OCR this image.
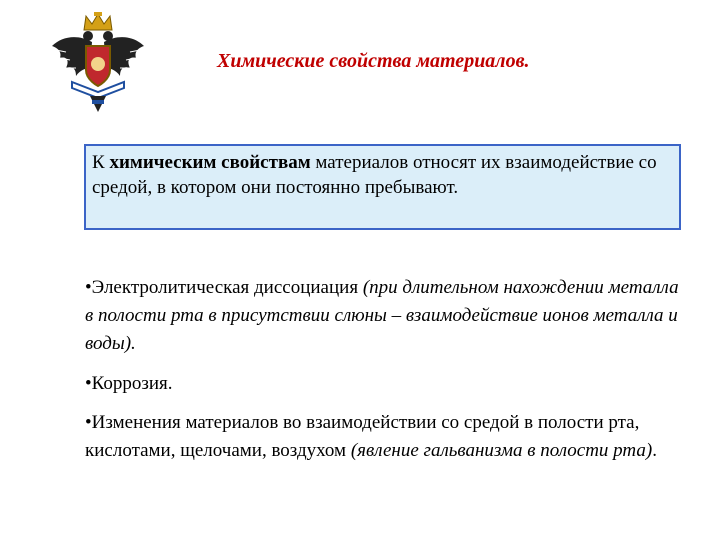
Химические свойства материалов.
К химическим свойствам материалов относят их взаимодействие со средой, в котором они постоянно пребывают.
•Электролитическая диссоциация (при длительном нахождении металла в полости рта в присутствии слюны – взаимодействие ионов металла и воды).
•Коррозия.
•Изменения материалов во взаимодействии со средой в полости рта, кислотами, щелочами, воздухом (явление гальванизма в полости рта).
